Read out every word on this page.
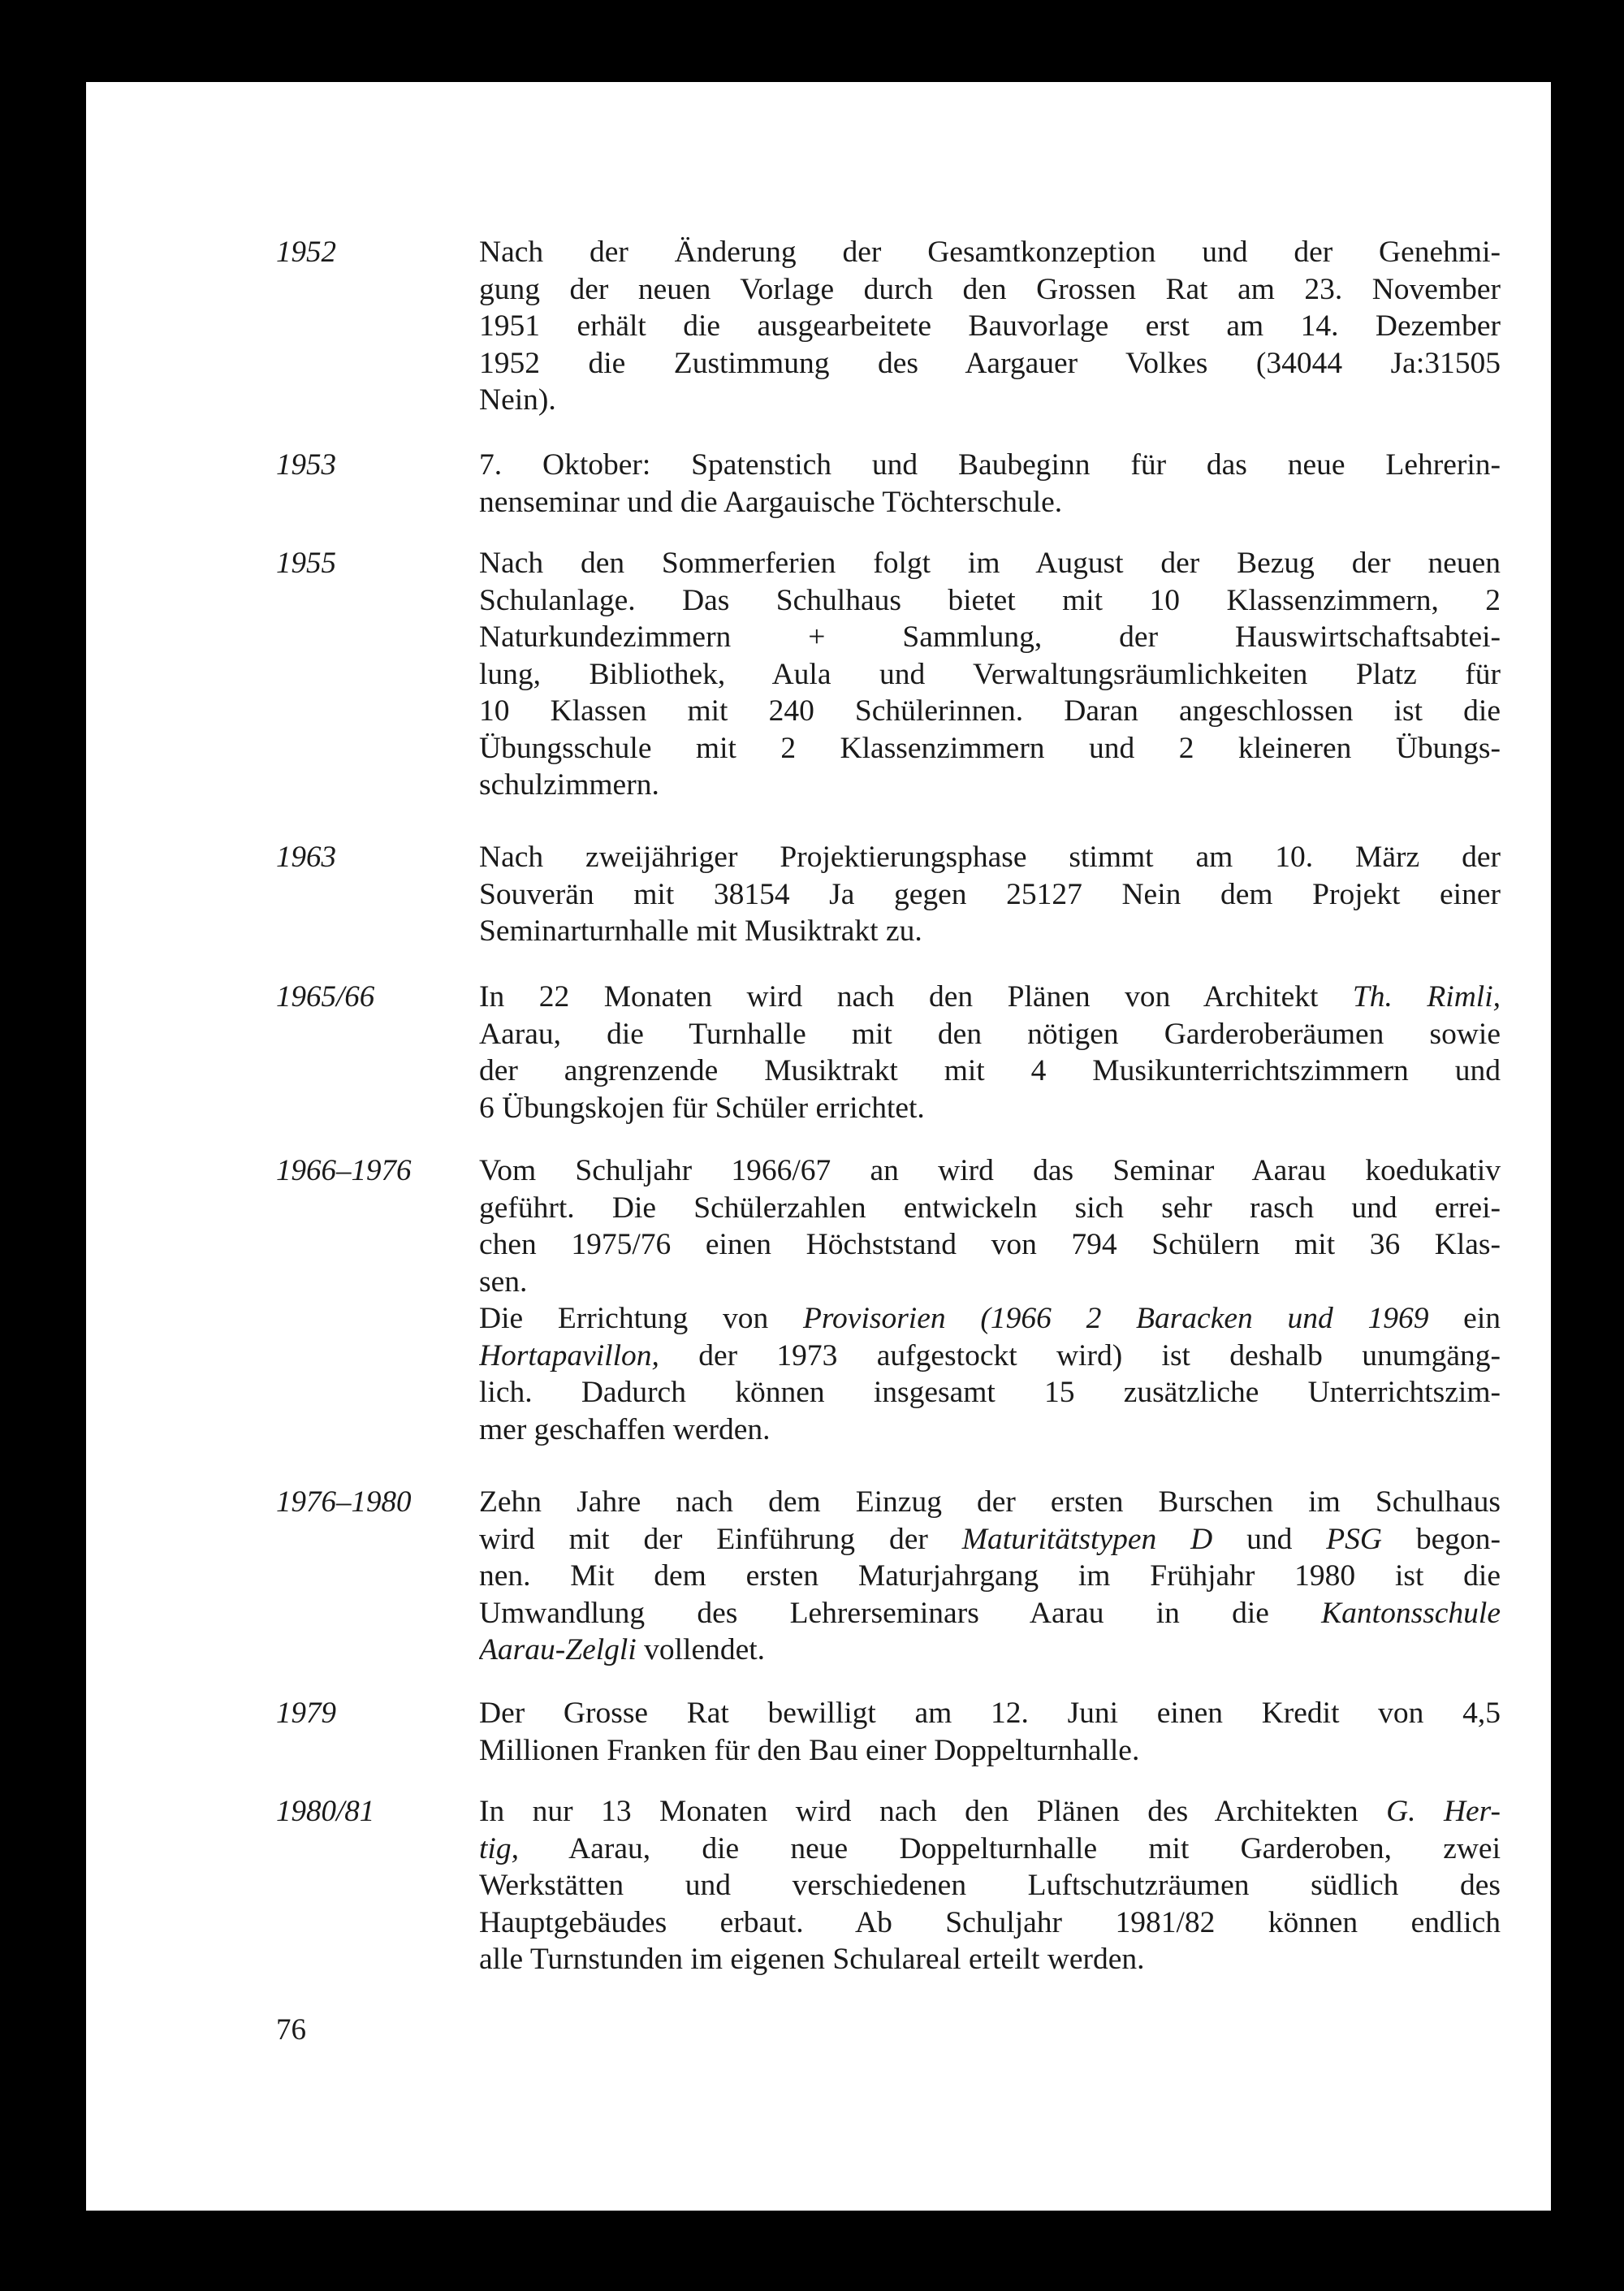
1952	Nach der Änderung der Gesamtkonzeption und der Genehmi-
gung der neuen Vorlage durch den Grossen Rat am 23. November
1951 erhält die ausgearbeitete Bauvorlage erst am 14. Dezember
1952 die Zustimmung des Aargauer Volkes (34044 Ja:31505
Nein).
1953	7. Oktober: Spatenstich und Baubeginn für das neue Lehrerin-
nenseminar und die Aargauische Töchterschule.
1955	Nach den Sommerferien folgt im August der Bezug der neuen
Schulanlage. Das Schulhaus bietet mit 10 Klassenzimmern, 2
Naturkundezimmern + Sammlung, der Hauswirtschaftsabtei-
lung, Bibliothek, Aula und Verwaltungsräumlichkeiten Platz für
10 Klassen mit 240 Schülerinnen. Daran angeschlossen ist die
Übungsschule mit 2 Klassenzimmern und 2 kleineren Übungs-
schulzimmern.
1963	Nach zweijähriger Projektierungsphase stimmt am 10. März der
Souverän mit 38154 Ja gegen 25127 Nein dem Projekt einer
Seminarturnhalle mit Musiktrakt zu.
1965/66	In 22 Monaten wird nach den Plänen von Architekt Th. Rimli,
Aarau, die Turnhalle mit den nötigen Garderoberäumen sowie
der angrenzende Musiktrakt mit 4 Musikunterrichtszimmern und
6 Übungskojen für Schüler errichtet.
1966–1976 Vom Schuljahr 1966/67 an wird das Seminar Aarau koedukativ
geführt. Die Schülerzahlen entwickeln sich sehr rasch und errei-
chen 1975/76 einen Höchststand von 794 Schülern mit 36 Klas-
sen.
Die Errichtung von Provisorien (1966 2 Baracken und 1969 ein
Hortapavillon, der 1973 aufgestockt wird) ist deshalb unumgäng-
lich. Dadurch können insgesamt 15 zusätzliche Unterrichtszim-
mer geschaffen werden.
1976–1980 Zehn Jahre nach dem Einzug der ersten Burschen im Schulhaus
wird mit der Einführung der Maturitätstypen D und PSG begon-
nen. Mit dem ersten Maturjahrgang im Frühjahr 1980 ist die
Umwandlung des Lehrerseminars Aarau in die Kantonsschule
Aarau-Zelgli vollendet.
1979	Der Grosse Rat bewilligt am 12. Juni einen Kredit von 4,5
Millionen Franken für den Bau einer Doppelturnhalle.
1980/81	In nur 13 Monaten wird nach den Plänen des Architekten G. Her-
tig, Aarau, die neue Doppelturnhalle mit Garderoben, zwei
Werkstätten und verschiedenen Luftschutzräumen südlich des
Hauptgebäudes erbaut. Ab Schuljahr 1981/82 können endlich
alle Turnstunden im eigenen Schulareal erteilt werden.
76
